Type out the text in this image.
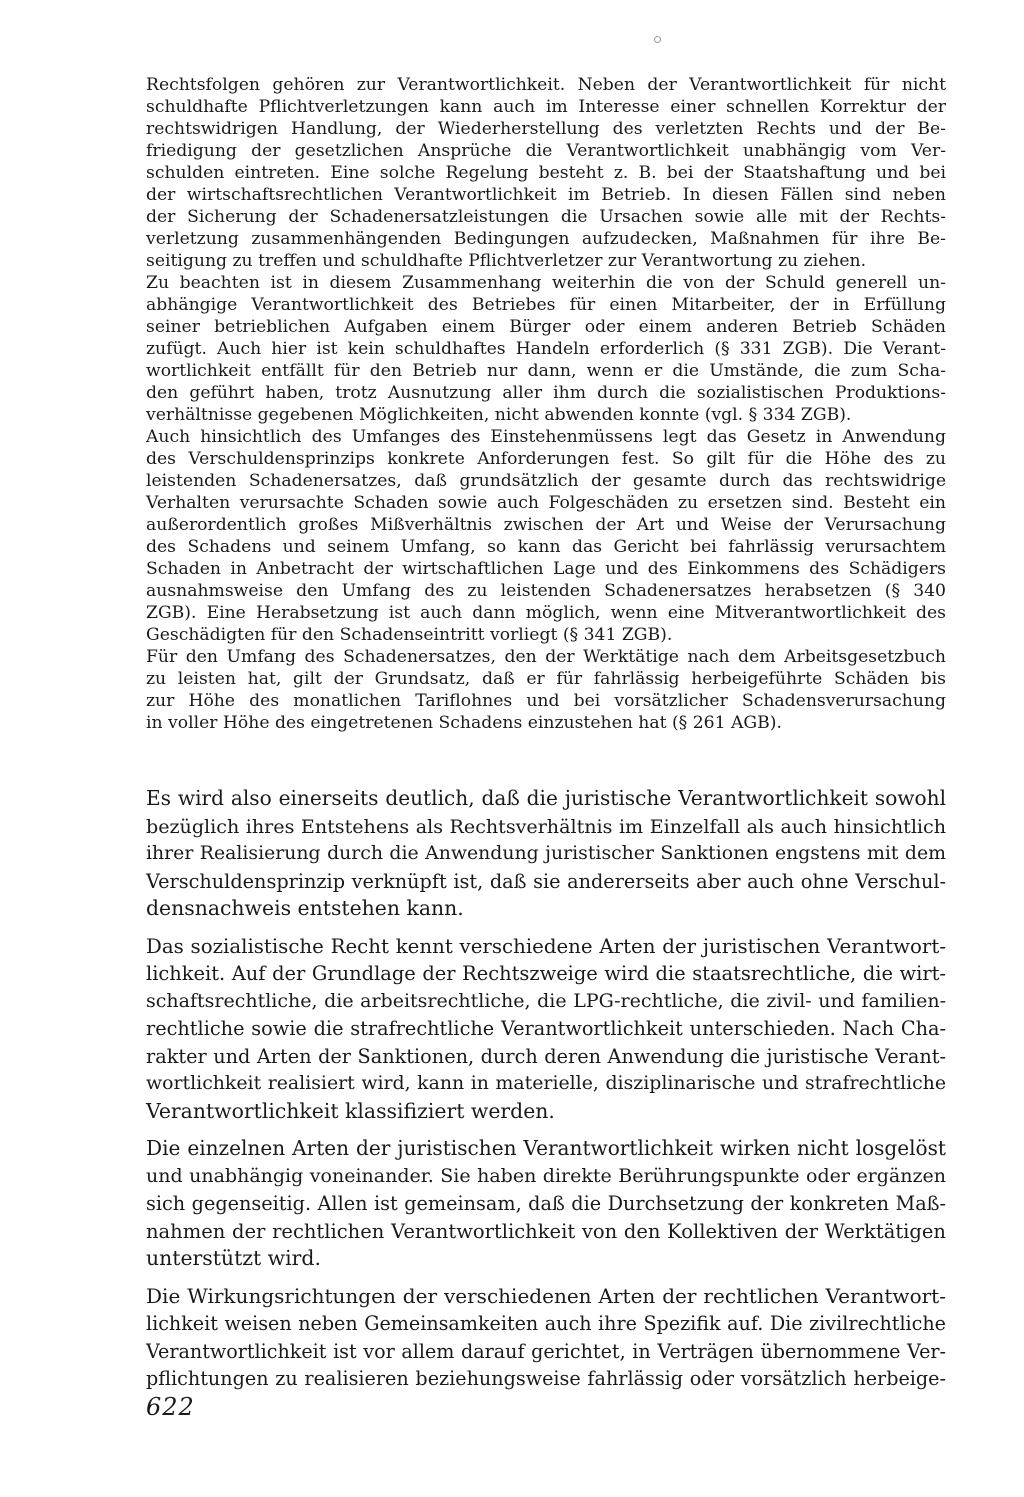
Rechtsfolgen gehören zur Verantwortlichkeit. Neben der Verantwortlichkeit für nicht
schuldhafte Pflichtverletzungen kann auch im Interesse einer schnellen Korrektur der
rechtswidrigen Handlung, der Wiederherstellung des verletzten Rechts und der Be-
friedigung der gesetzlichen Ansprüche die Verantwortlichkeit unabhängig vom Ver-
schulden eintreten. Eine solche Regelung besteht z. B. bei der Staatshaftung und bei
der wirtschaftsrechtlichen Verantwortlichkeit im Betrieb. In diesen Fällen sind neben
der Sicherung der Schadenersatzleistungen die Ursachen sowie alle mit der Rechts-
verletzung zusammenhängenden Bedingungen aufzudecken, Maßnahmen für ihre Be-
seitigung zu treffen und schuldhafte Pflichtverletzer zur Verantwortung zu ziehen.
Zu beachten ist in diesem Zusammenhang weiterhin die von der Schuld generell un-
abhängige Verantwortlichkeit des Betriebes für einen Mitarbeiter, der in Erfüllung
seiner betrieblichen Aufgaben einem Bürger oder einem anderen Betrieb Schäden
zufügt. Auch hier ist kein schuldhaftes Handeln erforderlich (§ 331 ZGB). Die Verant-
wortlichkeit entfällt für den Betrieb nur dann, wenn er die Umstände, die zum Scha-
den geführt haben, trotz Ausnutzung aller ihm durch die sozialistischen Produktions-
verhältnisse gegebenen Möglichkeiten, nicht abwenden konnte (vgl. § 334 ZGB).
Auch hinsichtlich des Umfanges des Einstehenmüssens legt das Gesetz in Anwendung
des Verschuldensprinzips konkrete Anforderungen fest. So gilt für die Höhe des zu
leistenden Schadenersatzes, daß grundsätzlich der gesamte durch das rechtswidrige
Verhalten verursachte Schaden sowie auch Folgeschäden zu ersetzen sind. Besteht ein
außerordentlich großes Mißverhältnis zwischen der Art und Weise der Verursachung
des Schadens und seinem Umfang, so kann das Gericht bei fahrlässig verursachtem
Schaden in Anbetracht der wirtschaftlichen Lage und des Einkommens des Schädigers
ausnahmsweise den Umfang des zu leistenden Schadenersatzes herabsetzen (§ 340
ZGB). Eine Herabsetzung ist auch dann möglich, wenn eine Mitverantwortlichkeit des
Geschädigten für den Schadenseintritt vorliegt (§ 341 ZGB).
Für den Umfang des Schadenersatzes, den der Werktätige nach dem Arbeitsgesetzbuch
zu leisten hat, gilt der Grundsatz, daß er für fahrlässig herbeigeführte Schäden bis
zur Höhe des monatlichen Tariflohnes und bei vorsätzlicher Schadensverursachung
in voller Höhe des eingetretenen Schadens einzustehen hat (§ 261 AGB).
Es wird also einerseits deutlich, daß die juristische Verantwortlichkeit sowohl
bezüglich ihres Entstehens als Rechtsverhältnis im Einzelfall als auch hinsichtlich
ihrer Realisierung durch die Anwendung juristischer Sanktionen engstens mit dem
Verschuldensprinzip verknüpft ist, daß sie andererseits aber auch ohne Verschul-
densnachweis entstehen kann.
Das sozialistische Recht kennt verschiedene Arten der juristischen Verantwort-
lichkeit. Auf der Grundlage der Rechtszweige wird die staatsrechtliche, die wirt-
schaftsrechtliche, die arbeitsrechtliche, die LPG-rechtliche, die zivil- und familien-
rechtliche sowie die strafrechtliche Verantwortlichkeit unterschieden. Nach Cha-
rakter und Arten der Sanktionen, durch deren Anwendung die juristische Verant-
wortlichkeit realisiert wird, kann in materielle, disziplinarische und strafrechtliche
Verantwortlichkeit klassifiziert werden.
Die einzelnen Arten der juristischen Verantwortlichkeit wirken nicht losgelöst
und unabhängig voneinander. Sie haben direkte Berührungspunkte oder ergänzen
sich gegenseitig. Allen ist gemeinsam, daß die Durchsetzung der konkreten Maß-
nahmen der rechtlichen Verantwortlichkeit von den Kollektiven der Werktätigen
unterstützt wird.
Die Wirkungsrichtungen der verschiedenen Arten der rechtlichen Verantwort-
lichkeit weisen neben Gemeinsamkeiten auch ihre Spezifik auf. Die zivilrechtliche
Verantwortlichkeit ist vor allem darauf gerichtet, in Verträgen übernommene Ver-
pflichtungen zu realisieren beziehungsweise fahrlässig oder vorsätzlich herbeige-
622
